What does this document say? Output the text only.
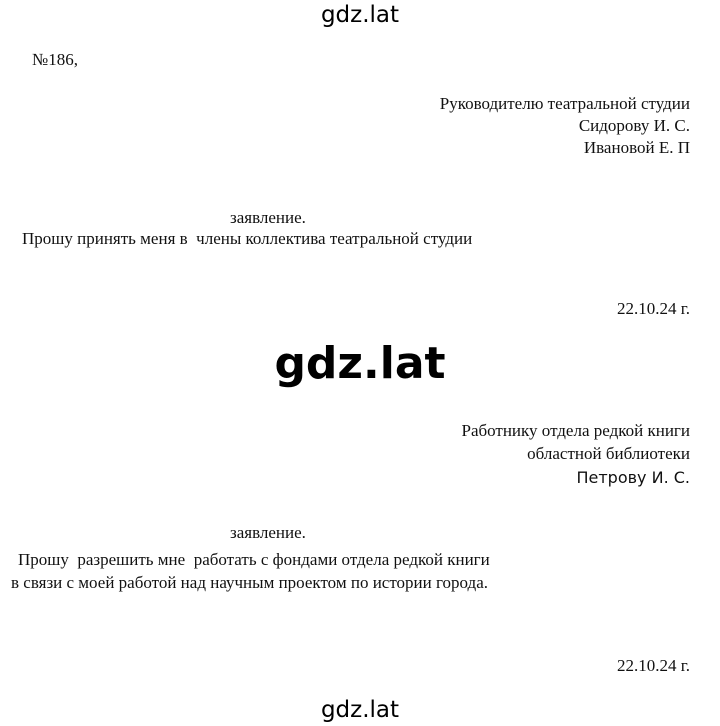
gdz.lat
gdz.lat
gdz.lat
№186,
Руководителю театральной студии
Сидорову И. С.
Ивановой Е. П
заявление.
Прошу принять меня в  члены коллектива театральной студии
22.10.24 г.
Работнику отдела редкой книги
областной библиотеки
Петрову И. С.
заявление.
Прошу  разрешить мне  работать с фондами отдела редкой книги
в связи с моей работой над научным проектом по истории города.
22.10.24 г.
